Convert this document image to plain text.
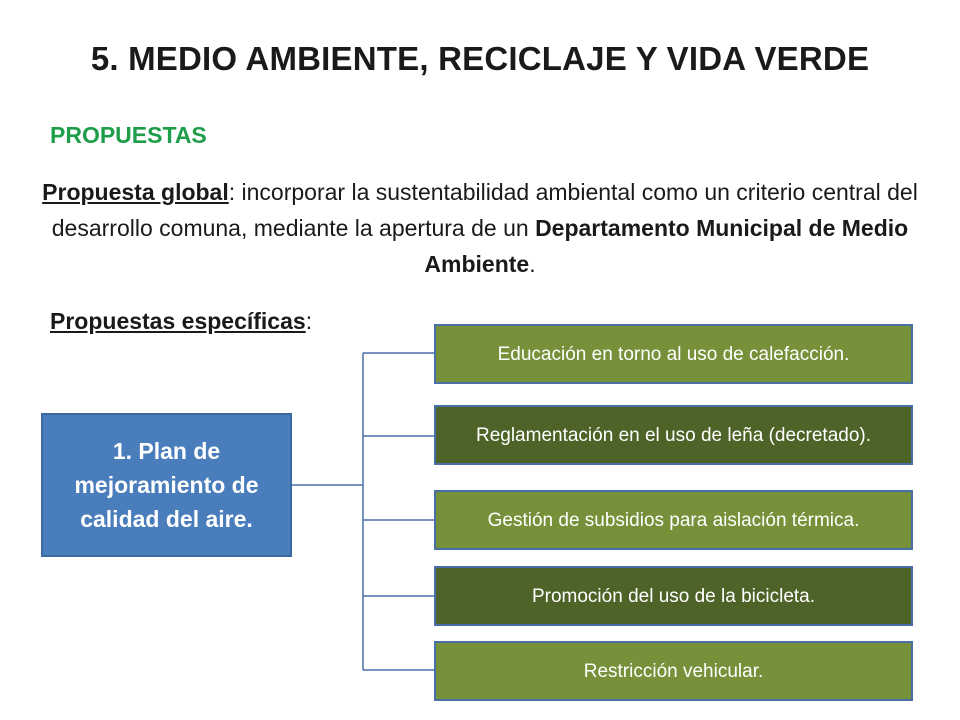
5. MEDIO AMBIENTE, RECICLAJE Y VIDA VERDE
PROPUESTAS
Propuesta global: incorporar la sustentabilidad ambiental como un criterio central del desarrollo comuna, mediante la apertura de un Departamento Municipal de Medio Ambiente.
Propuestas específicas:
1. Plan de mejoramiento de calidad del aire.
Educación en torno al uso de calefacción.
Reglamentación en el uso de leña (decretado).
Gestión de subsidios para aislación térmica.
Promoción del uso de la bicicleta.
Restricción vehicular.
